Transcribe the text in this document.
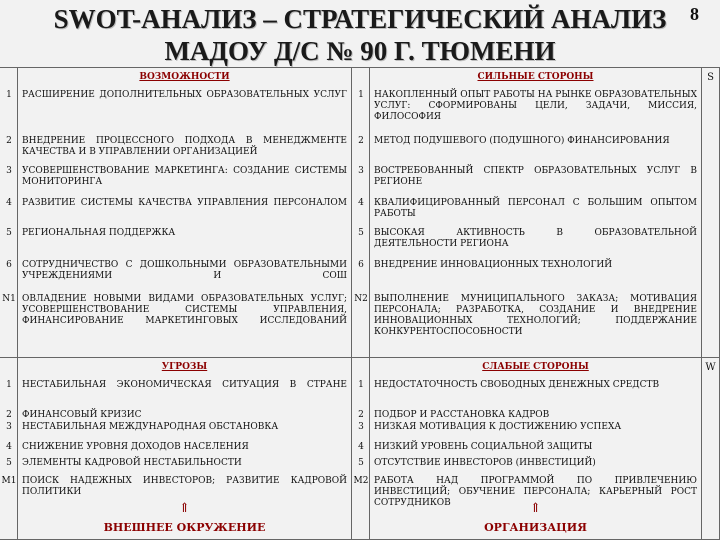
SWOT-АНАЛИЗ – СТРАТЕГИЧЕСКИЙ АНАЛИЗ
МАДОУ Д/С № 90 Г. ТЮМЕНИ
8
1
2
3
4
5
6
N1
ВОЗМОЖНОСТИ
РАСШИРЕНИЕ ДОПОЛНИТЕЛЬНЫХ ОБРАЗОВАТЕЛЬНЫХ УСЛУГ
ВНЕДРЕНИЕ ПРОЦЕССНОГО ПОДХОДА В МЕНЕДЖМЕНТЕ КАЧЕСТВА И В УПРАВЛЕНИИ ОРГАНИЗАЦИЕЙ
УСОВЕРШЕНСТВОВАНИЕ МАРКЕТИНГА: СОЗДАНИЕ СИСТЕМЫ МОНИТОРИНГА
РАЗВИТИЕ СИСТЕМЫ КАЧЕСТВА УПРАВЛЕНИЯ ПЕРСОНАЛОМ
РЕГИОНАЛЬНАЯ ПОДДЕРЖКА
СОТРУДНИЧЕСТВО С ДОШКОЛЬНЫМИ ОБРАЗОВАТЕЛЬНЫМИ УЧРЕЖДЕНИЯМИ И СОШ
ОВЛАДЕНИЕ НОВЫМИ ВИДАМИ ОБРАЗОВАТЕЛЬНЫХ УСЛУГ; УСОВЕРШЕНСТВОВАНИЕ СИСТЕМЫ УПРАВЛЕНИЯ, ФИНАНСИРОВАНИЕ МАРКЕТИНГОВЫХ ИССЛЕДОВАНИЙ
1
2
3
4
5
6
N2
СИЛЬНЫЕ СТОРОНЫ
НАКОПЛЕННЫЙ ОПЫТ РАБОТЫ НА РЫНКЕ ОБРАЗОВАТЕЛЬНЫХ УСЛУГ: СФОРМИРОВАНЫ ЦЕЛИ, ЗАДАЧИ, МИССИЯ, ФИЛОСОФИЯ
МЕТОД ПОДУШЕВОГО (ПОДУШНОГО) ФИНАНСИРОВАНИЯ
ВОСТРЕБОВАННЫЙ СПЕКТР ОБРАЗОВАТЕЛЬНЫХ УСЛУГ В РЕГИОНЕ
КВАЛИФИЦИРОВАННЫЙ ПЕРСОНАЛ С БОЛЬШИМ ОПЫТОМ РАБОТЫ
ВЫСОКАЯ АКТИВНОСТЬ В ОБРАЗОВАТЕЛЬНОЙ ДЕЯТЕЛЬНОСТИ РЕГИОНА
ВНЕДРЕНИЕ ИННОВАЦИОННЫХ ТЕХНОЛОГИЙ
ВЫПОЛНЕНИЕ МУНИЦИПАЛЬНОГО ЗАКАЗА; МОТИВАЦИЯ ПЕРСОНАЛА; РАЗРАБОТКА, СОЗДАНИЕ И ВНЕДРЕНИЕ ИННОВАЦИОННЫХ ТЕХНОЛОГИЙ; ПОДДЕРЖАНИЕ КОНКУРЕНТОСПОСОБНОСТИ
S
1
2
3
4
5
M1
УГРОЗЫ
НЕСТАБИЛЬНАЯ ЭКОНОМИЧЕСКАЯ СИТУАЦИЯ В СТРАНЕ
ФИНАНСОВЫЙ КРИЗИС
НЕСТАБИЛЬНАЯ МЕЖДУНАРОДНАЯ ОБСТАНОВКА
СНИЖЕНИЕ УРОВНЯ ДОХОДОВ НАСЕЛЕНИЯ
ЭЛЕМЕНТЫ КАДРОВОЙ НЕСТАБИЛЬНОСТИ
ПОИСК НАДЕЖНЫХ ИНВЕСТОРОВ; РАЗВИТИЕ КАДРОВОЙ ПОЛИТИКИ
⇑
ВНЕШНЕЕ ОКРУЖЕНИЕ
1
2
3
4
5
M2
СЛАБЫЕ СТОРОНЫ
НЕДОСТАТОЧНОСТЬ СВОБОДНЫХ ДЕНЕЖНЫХ СРЕДСТВ
ПОДБОР И РАССТАНОВКА КАДРОВ
НИЗКАЯ МОТИВАЦИЯ К ДОСТИЖЕНИЮ УСПЕХА
НИЗКИЙ УРОВЕНЬ СОЦИАЛЬНОЙ ЗАЩИТЫ
ОТСУТСТВИЕ ИНВЕСТОРОВ (ИНВЕСТИЦИЙ)
РАБОТА НАД ПРОГРАММОЙ ПО ПРИВЛЕЧЕНИЮ ИНВЕСТИЦИЙ; ОБУЧЕНИЕ ПЕРСОНАЛА; КАРЬЕРНЫЙ РОСТ СОТРУДНИКОВ	⇑
ОРГАНИЗАЦИЯ
W
